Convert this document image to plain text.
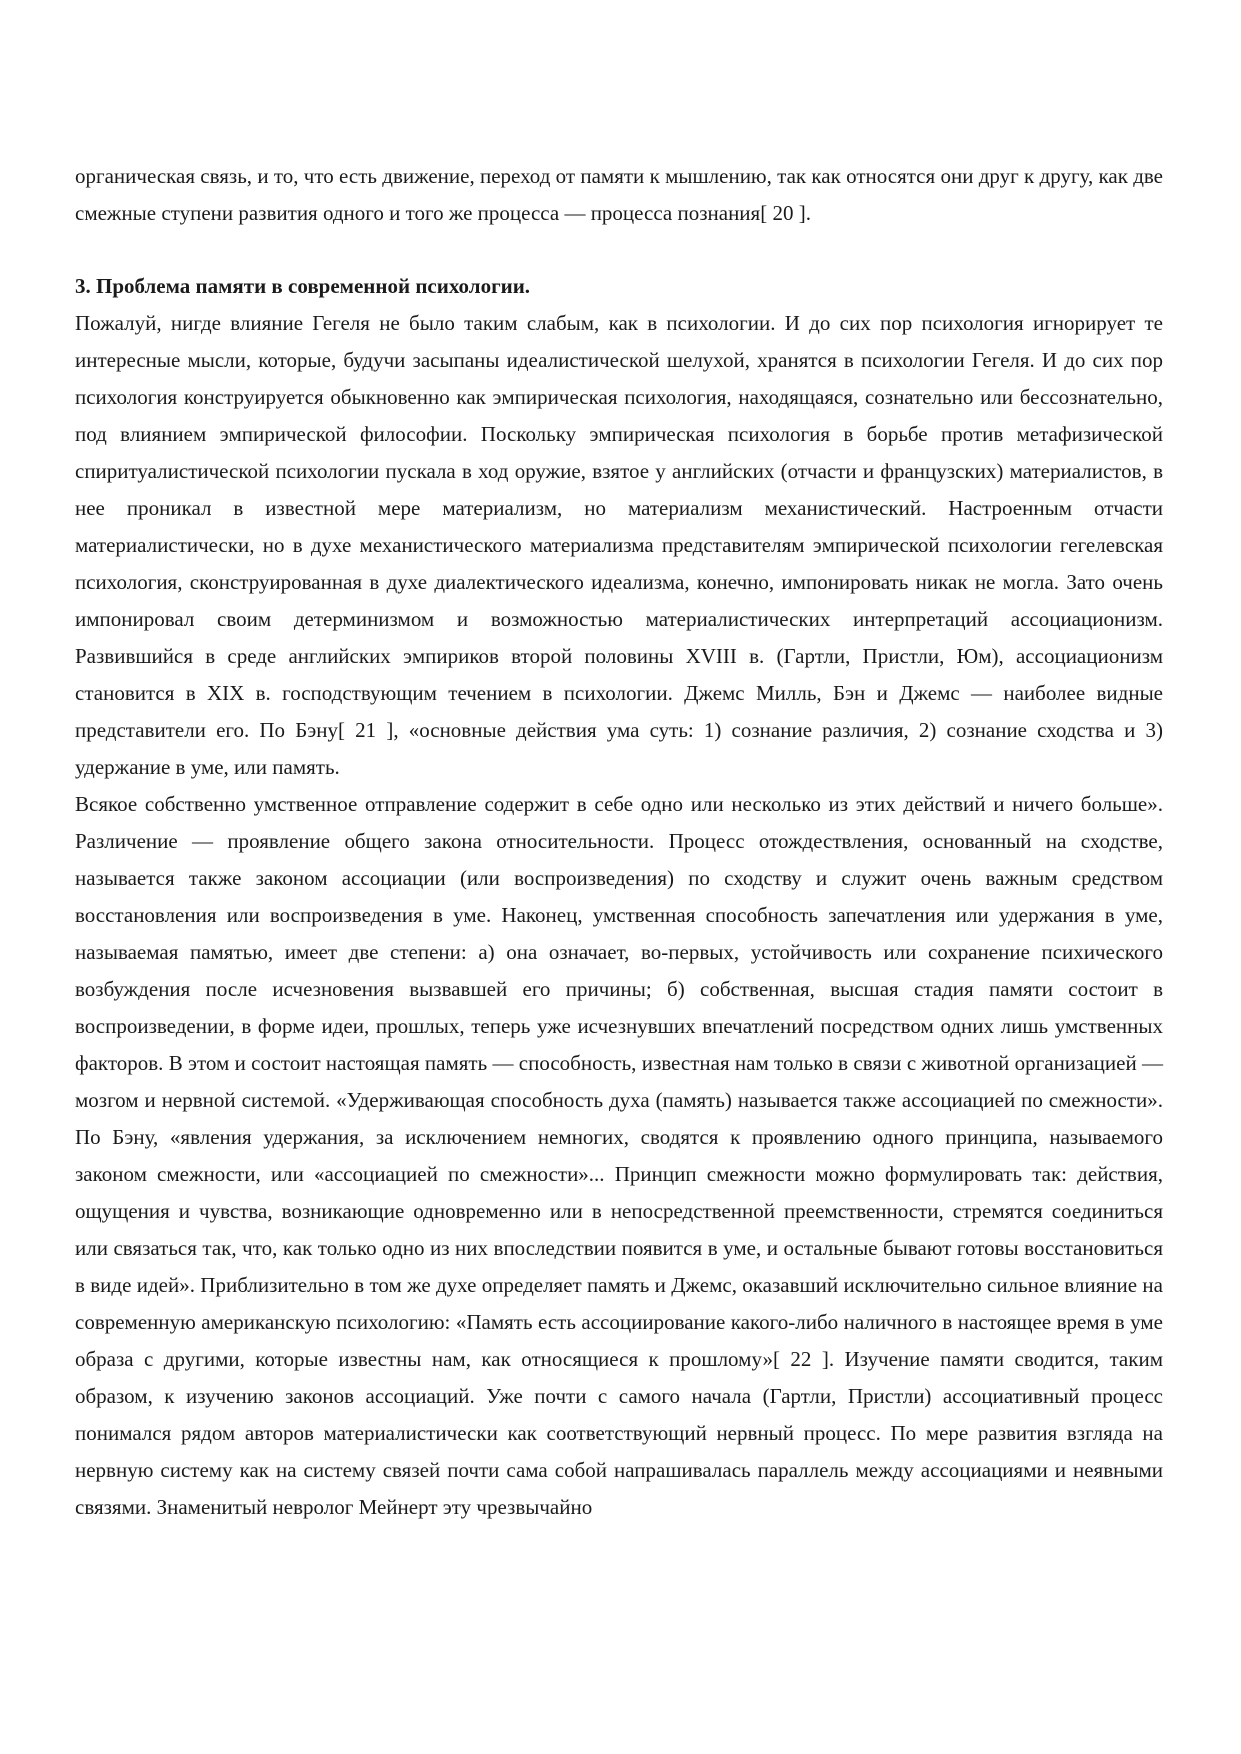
органическая связь, и то, что есть движение, переход от памяти к мышлению, так как относятся они друг к другу, как две смежные ступени развития одного и того же процесса — процесса познания[ 20 ].

3. Проблема памяти в современной психологии.

Пожалуй, нигде влияние Гегеля не было таким слабым, как в психологии. И до сих пор психология игнорирует те интересные мысли, которые, будучи засыпаны идеалистической шелухой, хранятся в психологии Гегеля. И до сих пор психология конструируется обыкновенно как эмпирическая психология, находящаяся, сознательно или бессознательно, под влиянием эмпирической философии. Поскольку эмпирическая психология в борьбе против метафизической спиритуалистической психологии пускала в ход оружие, взятое у английских (отчасти и французских) материалистов, в нее проникал в известной мере материализм, но материализм механистический. Настроенным отчасти материалистически, но в духе механистического материализма представителям эмпирической психологии гегелевская психология, сконструированная в духе диалектического идеализма, конечно, импонировать никак не могла. Зато очень импонировал своим детерминизмом и возможностью материалистических интерпретаций ассоциационизм. Развившийся в среде английских эмпириков второй половины XVIII в. (Гартли, Пристли, Юм), ассоциационизм становится в XIX в. господствующим течением в психологии. Джемс Милль, Бэн и Джемс — наиболее видные представители его. По Бэну[ 21 ], «основные действия ума суть: 1) сознание различия, 2) сознание сходства и 3) удержание в уме, или память.

Всякое собственно умственное отправление содержит в себе одно или несколько из этих действий и ничего больше». Различение — проявление общего закона относительности. Процесс отождествления, основанный на сходстве, называется также законом ассоциации (или воспроизведения) по сходству и служит очень важным средством восстановления или воспроизведения в уме. Наконец, умственная способность запечатления или удержания в уме, называемая памятью, имеет две степени: а) она означает, во-первых, устойчивость или сохранение психического возбуждения после исчезновения вызвавшей его причины; б) собственная, высшая стадия памяти состоит в воспроизведении, в форме идеи, прошлых, теперь уже исчезнувших впечатлений посредством одних лишь умственных факторов. В этом и состоит настоящая память — способность, известная нам только в связи с животной организацией — мозгом и нервной системой. «Удерживающая способность духа (память) называется также ассоциацией по смежности». По Бэну, «явления удержания, за исключением немногих, сводятся к проявлению одного принципа, называемого законом смежности, или «ассоциацией по смежности»... Принцип смежности можно формулировать так: действия, ощущения и чувства, возникающие одновременно или в непосредственной преемственности, стремятся соединиться или связаться так, что, как только одно из них впоследствии появится в уме, и остальные бывают готовы восстановиться в виде идей». Приблизительно в том же духе определяет память и Джемс, оказавший исключительно сильное влияние на современную американскую психологию: «Память есть ассоциирование какого-либо наличного в настоящее время в уме образа с другими, которые известны нам, как относящиеся к прошлому»[ 22 ]. Изучение памяти сводится, таким образом, к изучению законов ассоциаций. Уже почти с самого начала (Гартли, Пристли) ассоциативный процесс понимался рядом авторов материалистически как соответствующий нервный процесс. По мере развития взгляда на нервную систему как на систему связей почти сама собой напрашивалась параллель между ассоциациями и неявными связями. Знаменитый невролог Мейнерт эту чрезвычайно
